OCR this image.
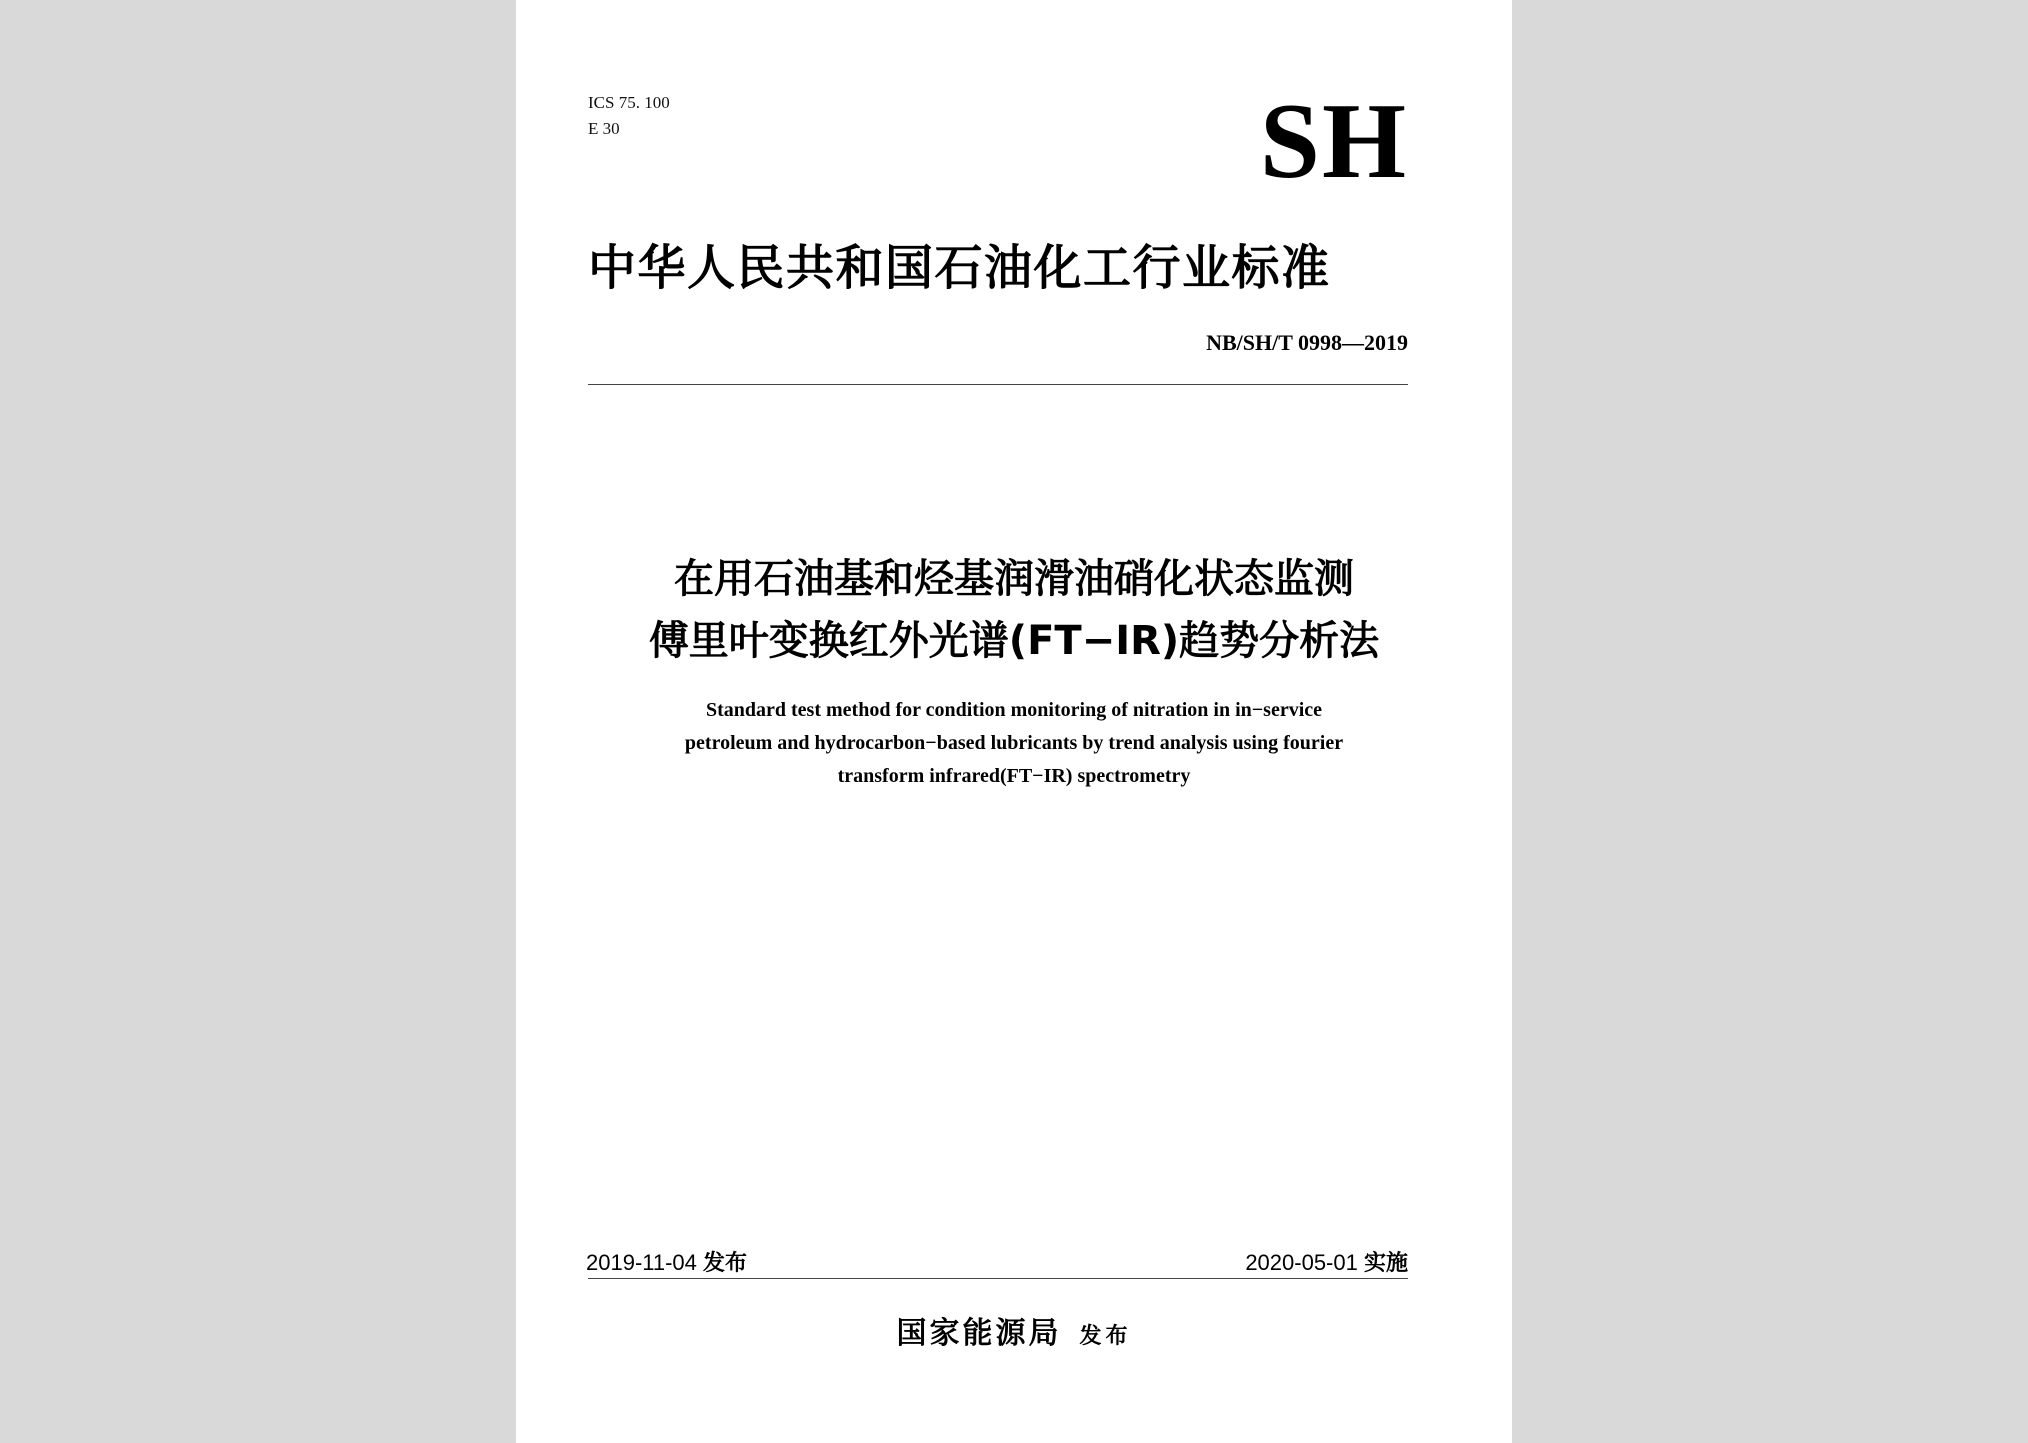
ICS 75. 100
E 30	SH
中华人民共和国石油化工行业标准
NB/SH/T 0998—2019
在用石油基和烃基润滑油硝化状态监测
傅里叶变换红外光谱(FT−IR)趋势分析法
Standard test method for condition monitoring of nitration in in−service
petroleum and hydrocarbon−based lubricants by trend analysis using fourier
transform infrared(FT−IR) spectrometry
2019-11-04 发布	2020-05-01 实施
国家能源局 发布
